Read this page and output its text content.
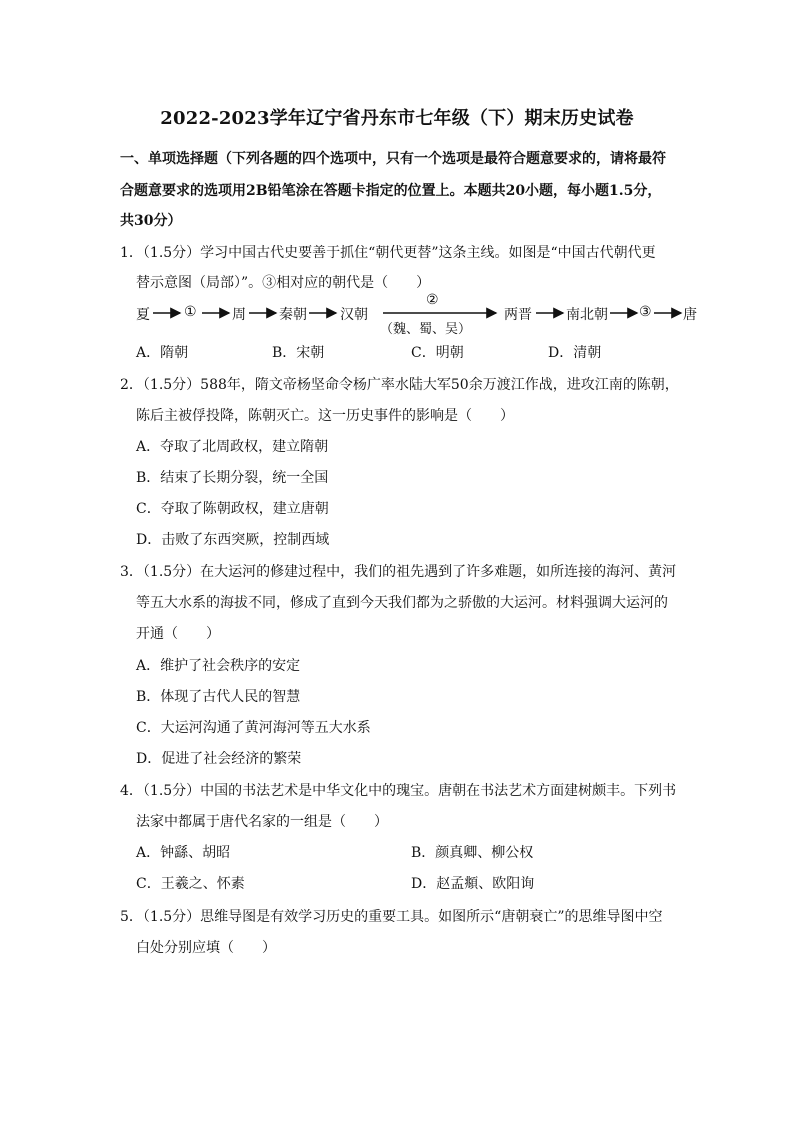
2022-2023学年辽宁省丹东市七年级（下）期末历史试卷
一、单项选择题（下列各题的四个选项中，只有一个选项是最符合题意要求的，请将最符
合题意要求的选项用2B铅笔涂在答题卡指定的位置上。本题共20小题，每小题1.5分，
共30分）
1．（1.5分）学习中国古代史要善于抓住“朝代更替”这条主线。如图是“中国古代朝代更
替示意图（局部）”。③相对应的朝代是（　　）
夏 ①	周 秦朝 汉朝
②
（魏、蜀、吴）
两晋 南北朝 ③ 唐
A．隋朝	B．宋朝	C．明朝	D．清朝
2．（1.5分）588年，隋文帝杨坚命令杨广率水陆大军50余万渡江作战，进攻江南的陈朝，
陈后主被俘投降，陈朝灭亡。这一历史事件的影响是（　　）
A．夺取了北周政权，建立隋朝
B．结束了长期分裂，统一全国
C．夺取了陈朝政权，建立唐朝
D．击败了东西突厥，控制西域
3．（1.5分）在大运河的修建过程中，我们的祖先遇到了许多难题，如所连接的海河、黄河
等五大水系的海拔不同，修成了直到今天我们都为之骄傲的大运河。材料强调大运河的
开通（　　）
A．维护了社会秩序的安定
B．体现了古代人民的智慧
C．大运河沟通了黄河海河等五大水系
D．促进了社会经济的繁荣
4．（1.5分）中国的书法艺术是中华文化中的瑰宝。唐朝在书法艺术方面建树颇丰。下列书
法家中都属于唐代名家的一组是（　　）
A．钟繇、胡昭	B．颜真卿、柳公权
C．王羲之、怀素	D．赵孟頫、欧阳询
5．（1.5分）思维导图是有效学习历史的重要工具。如图所示“唐朝衰亡”的思维导图中空
白处分别应填（　　）
